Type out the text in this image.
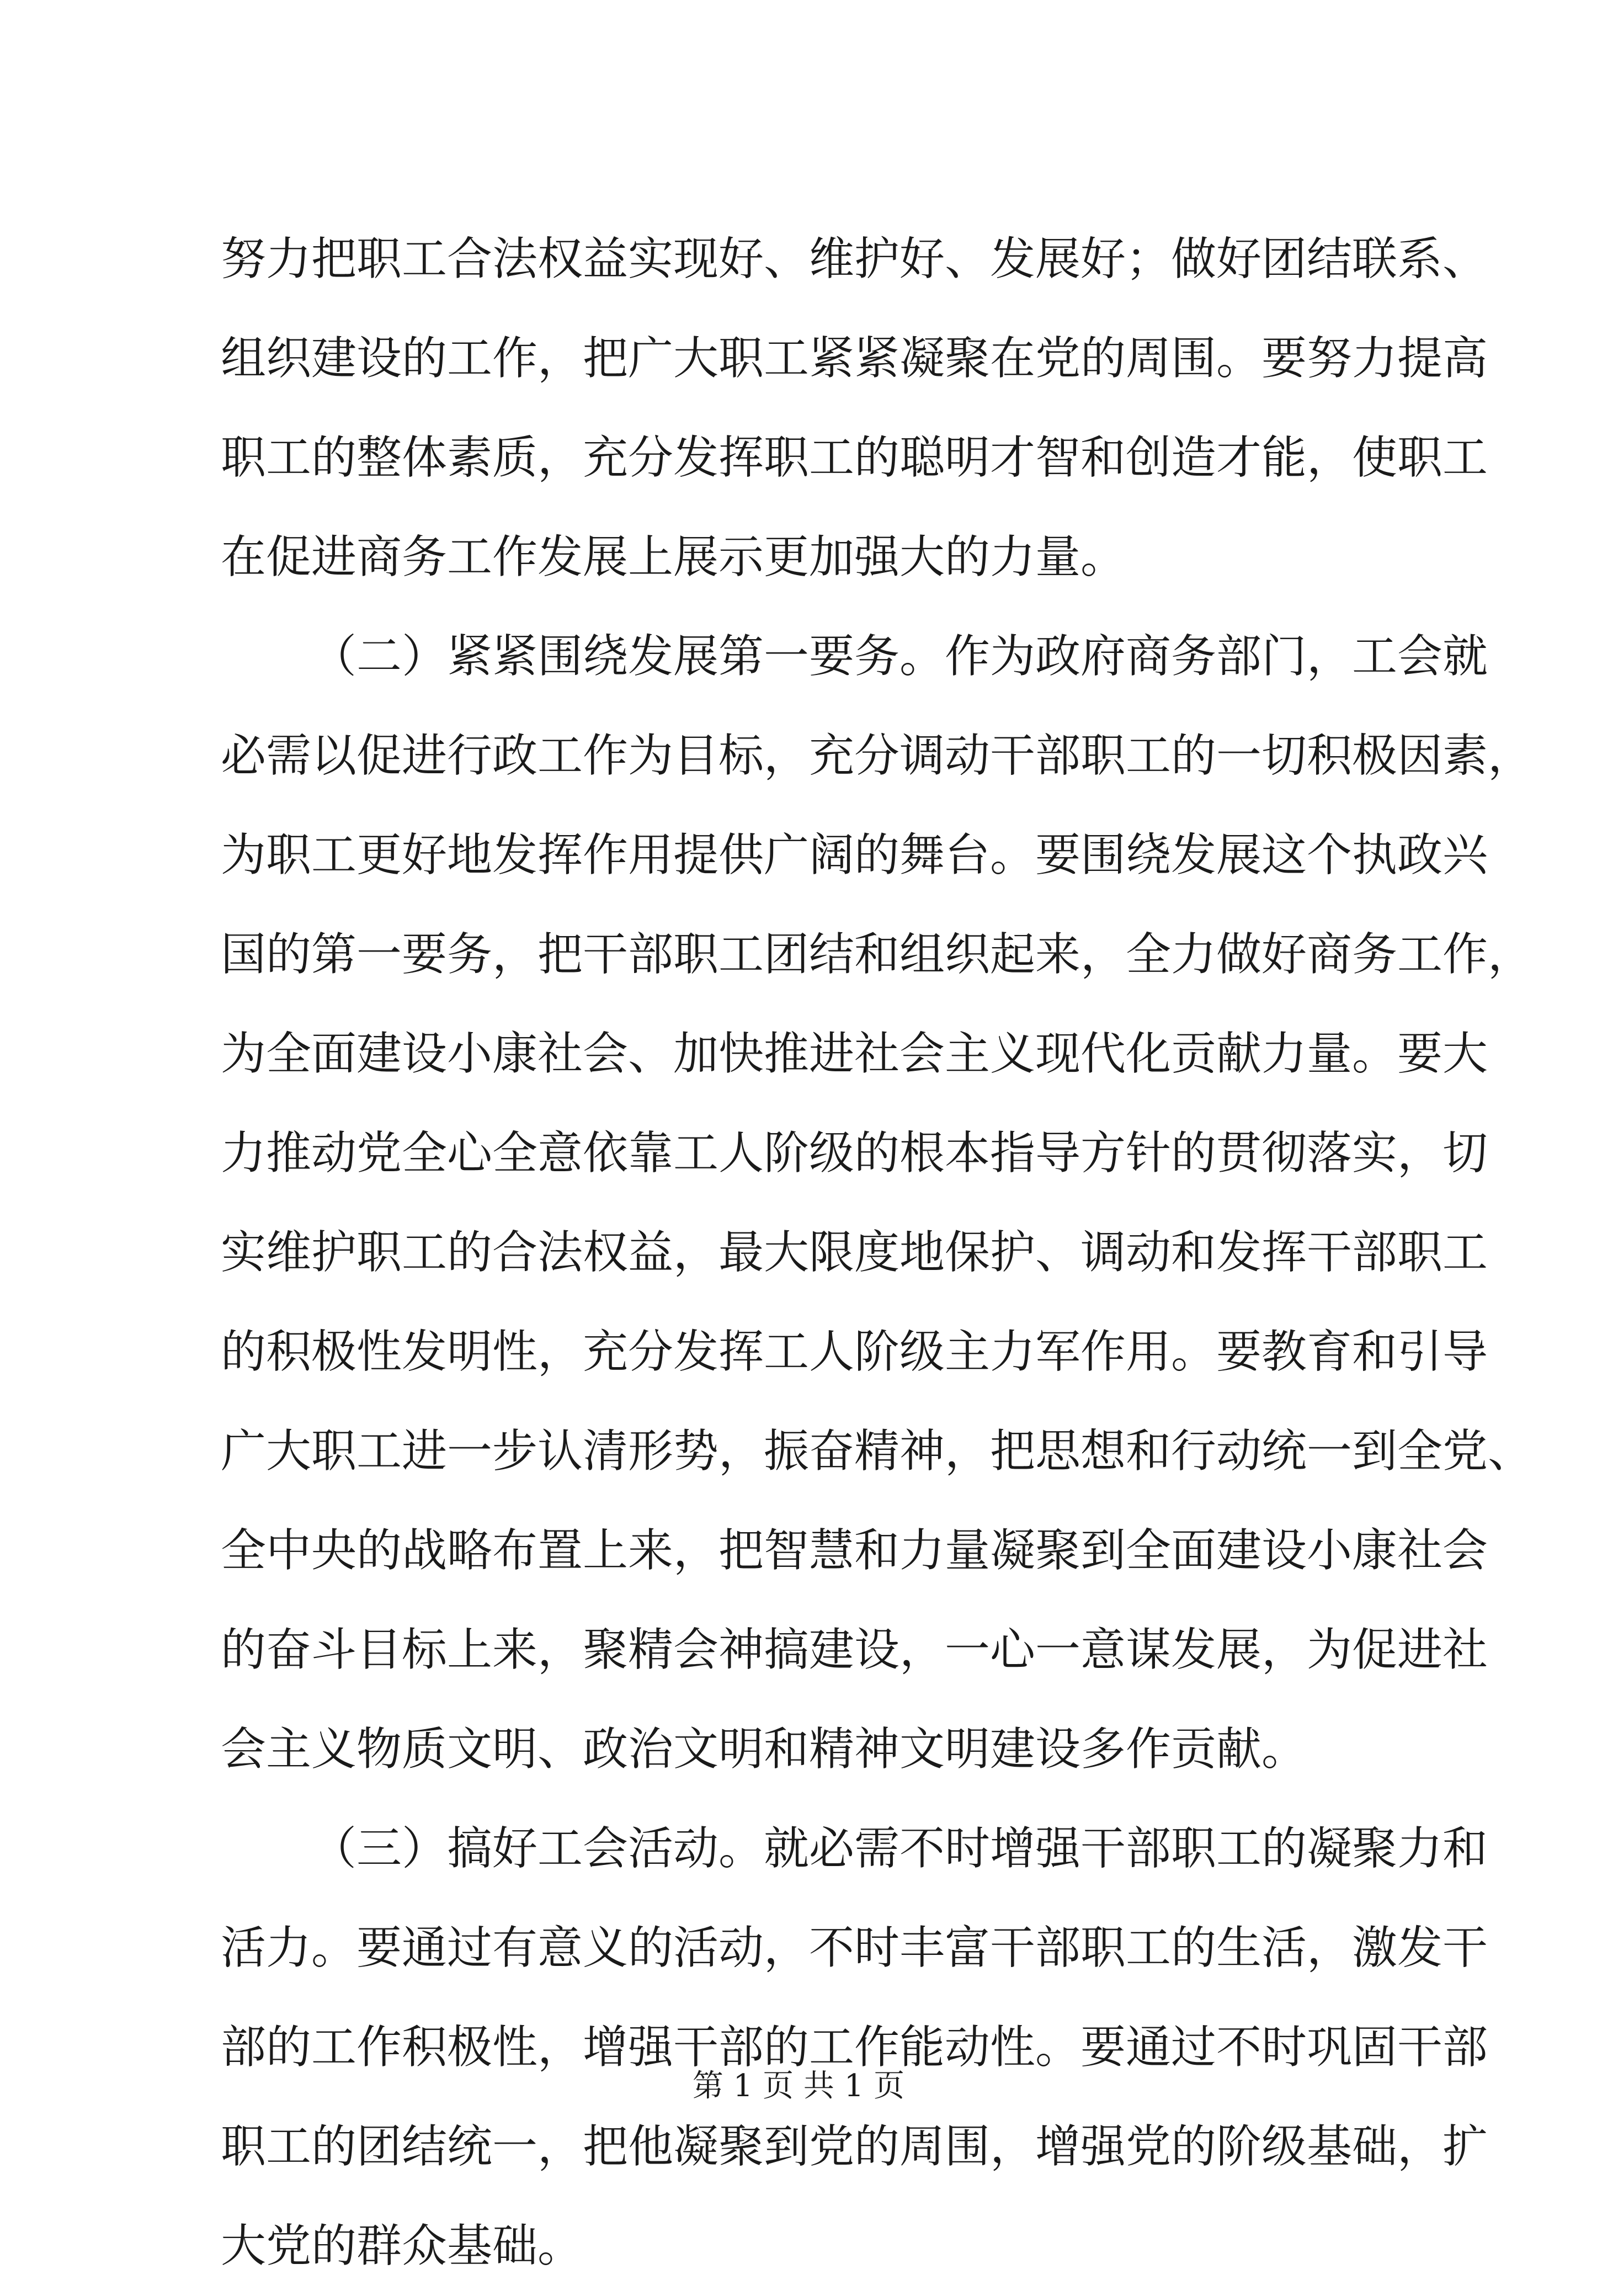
努力把职工合法权益实现好、维护好、发展好；做好团结联系、
组织建设的工作，把广大职工紧紧凝聚在党的周围。要努力提高
职工的整体素质，充分发挥职工的聪明才智和创造才能，使职工
在促进商务工作发展上展示更加强大的力量。
（二）紧紧围绕发展第一要务。作为政府商务部门，工会就
必需以促进行政工作为目标，充分调动干部职工的一切积极因素，
为职工更好地发挥作用提供广阔的舞台。要围绕发展这个执政兴
国的第一要务，把干部职工团结和组织起来，全力做好商务工作，
为全面建设小康社会、加快推进社会主义现代化贡献力量。要大
力推动党全心全意依靠工人阶级的根本指导方针的贯彻落实，切
实维护职工的合法权益，最大限度地保护、调动和发挥干部职工
的积极性发明性，充分发挥工人阶级主力军作用。要教育和引导
广大职工进一步认清形势，振奋精神，把思想和行动统一到全党、
全中央的战略布置上来，把智慧和力量凝聚到全面建设小康社会
的奋斗目标上来，聚精会神搞建设，一心一意谋发展，为促进社
会主义物质文明、政治文明和精神文明建设多作贡献。
（三）搞好工会活动。就必需不时增强干部职工的凝聚力和
活力。要通过有意义的活动，不时丰富干部职工的生活，激发干
部的工作积极性，增强干部的工作能动性。要通过不时巩固干部
职工的团结统一，把他凝聚到党的周围，增强党的阶级基础，扩
大党的群众基础。
第 1 页 共 1 页
